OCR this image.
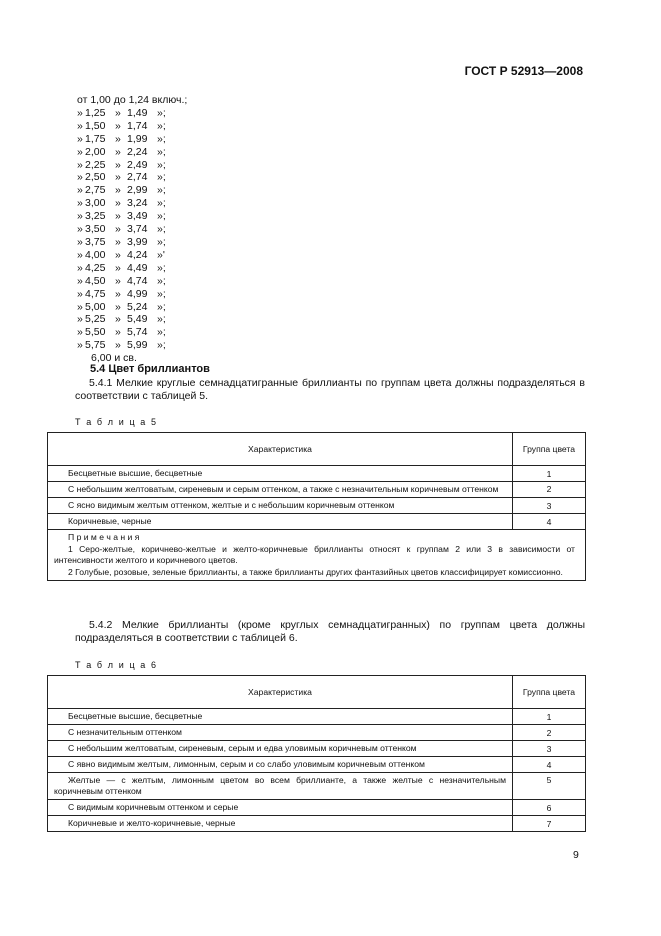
ГОСТ Р 52913—2008
от 1,00 до 1,24 включ.;
» 1,25 » 1,49 »;
» 1,50 » 1,74 »;
» 1,75 » 1,99 »;
» 2,00 » 2,24 »;
» 2,25 » 2,49 »;
» 2,50 » 2,74 »;
» 2,75 » 2,99 »;
» 3,00 » 3,24 »;
» 3,25 » 3,49 »;
» 3,50 » 3,74 »;
» 3,75 » 3,99 »;
» 4,00 » 4,24 »'
» 4,25 » 4,49 »;
» 4,50 » 4,74 »;
» 4,75 » 4,99 »;
» 5,00 » 5,24 »;
» 5,25 » 5,49 »;
» 5,50 » 5,74 »;
» 5,75 » 5,99 »;
6,00 и св.
5.4 Цвет бриллиантов
5.4.1 Мелкие круглые семнадцатигранные бриллианты по группам цвета должны подразделяться в соответствии с таблицей 5.
Т а б л и ц а 5
Характеристика	Группа цвета
Бесцветные высшие, бесцветные	1
С небольшим желтоватым, сиреневым и серым оттенком, а также с незначительным коричневым оттенком	2
С ясно видимым желтым оттенком, желтые и с небольшим коричневым оттенком	3
Коричневые, черные	4

П р и м е ч а н и я
1 Серо-желтые, коричнево-желтые и желто-коричневые бриллианты относят к группам 2 или 3 в зависимости от интенсивности желтого и коричневого цветов.
2 Голубые, розовые, зеленые бриллианты, а также бриллианты других фантазийных цветов классифицирует комиссионно.	
5.4.2 Мелкие бриллианты (кроме круглых семнадцатигранных) по группам цвета должны подразделяться в соответствии с таблицей 6.
Т а б л и ц а 6
Характеристика	Группа цвета
Бесцветные высшие, бесцветные	1
С незначительным оттенком	2
С небольшим желтоватым, сиреневым, серым и едва уловимым коричневым оттенком	3
С явно видимым желтым, лимонным, серым и со слабо уловимым коричневым оттенком	4
Желтые — с желтым, лимонным цветом во всем бриллианте, а также желтые с незначительным коричневым оттенком	5
С видимым коричневым оттенком и серые	6
Коричневые и желто-коричневые, черные	7
9
